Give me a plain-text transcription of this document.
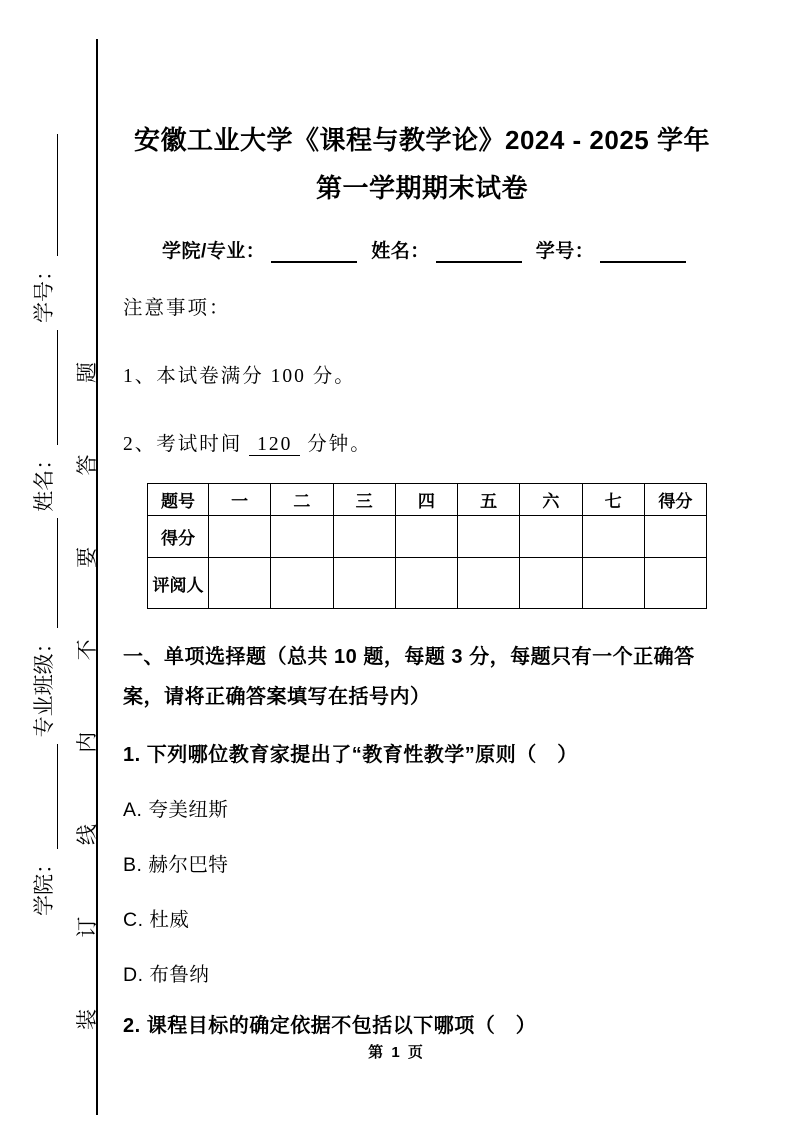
学院：
专业班级：
姓名：
学号：
装
订
线
内
不
要
答
题
安徽工业大学《课程与教学论》2024 - 2025 学年第一学期期末试卷
学院/专业：	姓名：	学号：
注意事项：
1、本试卷满分 100 分。
2、考试时间 120 分钟。
题号	一	二	三	四	五	六	七	得分
得分								
评阅人								
一、单项选择题（总共 10 题，每题 3 分，每题只有一个正确答案，请将正确答案填写在括号内）
1. 下列哪位教育家提出了“教育性教学”原则（　）
A. 夸美纽斯
B. 赫尔巴特
C. 杜威
D. 布鲁纳
2. 课程目标的确定依据不包括以下哪项（　）
第 1 页
